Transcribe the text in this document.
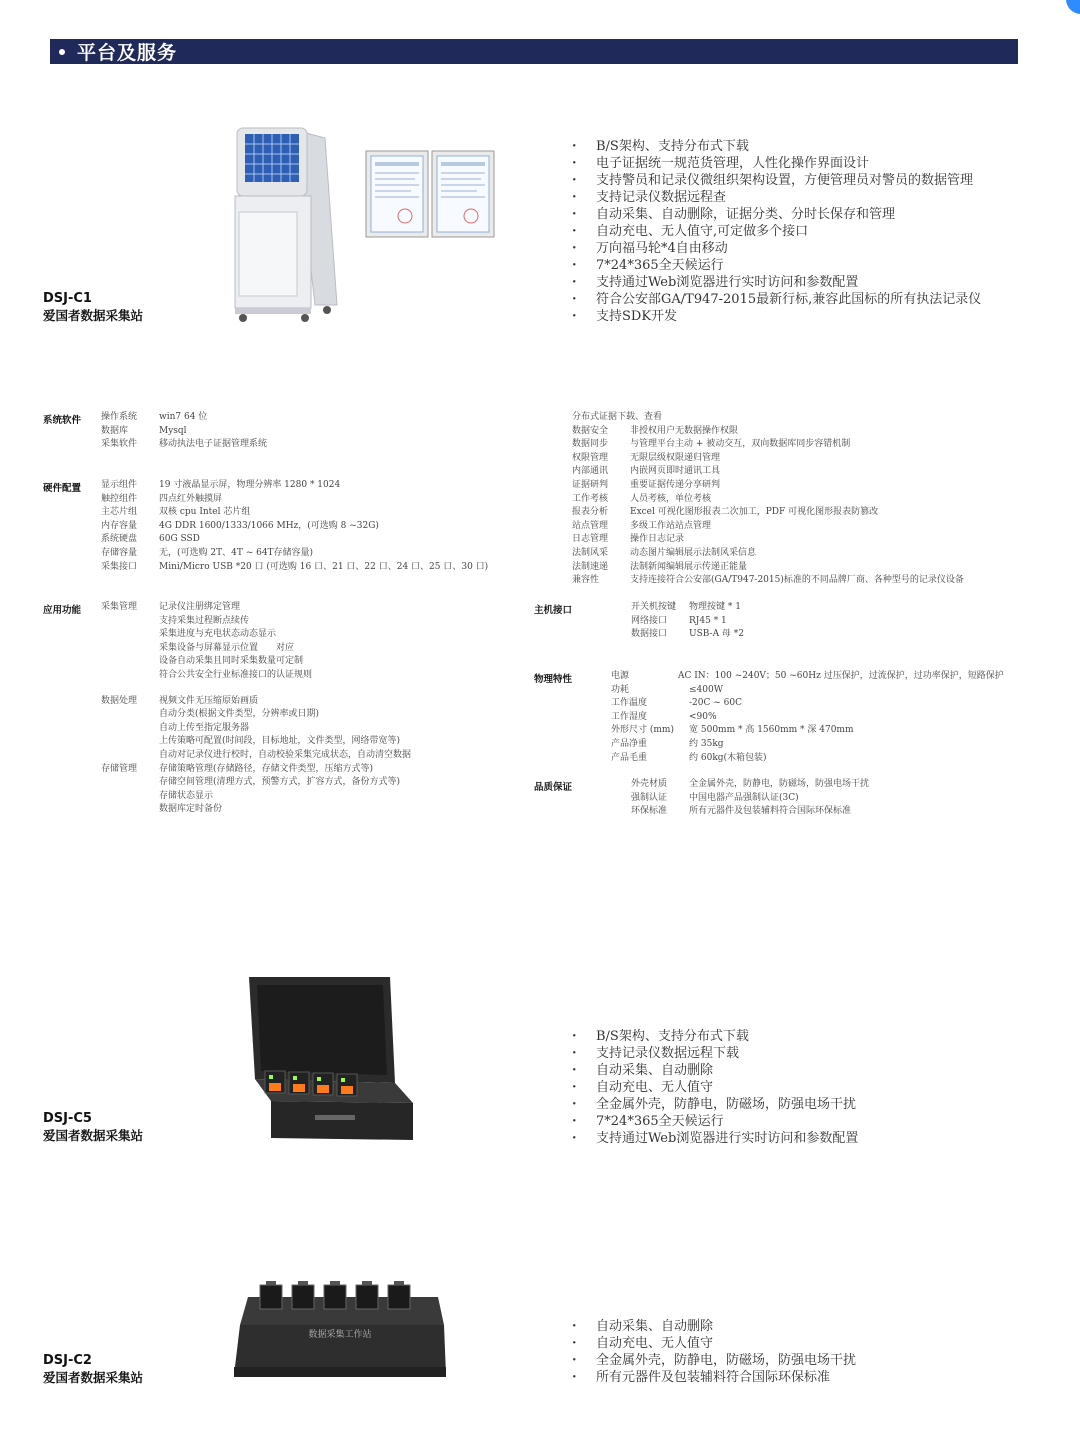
平台及服务
DSJ-C1
爱国者数据采集站
· B/S架构、支持分布式下载
· 电子证据统一规范货管理，人性化操作界面设计
· 支持警员和记录仪微组织架构设置，方便管理员对警员的数据管理
· 支持记录仪数据远程查
· 自动采集、自动删除，证据分类、分时长保存和管理
· 自动充电、无人值守,可定做多个接口
· 万向福马轮*4自由移动
· 7*24*365全天候运行
· 支持通过Web浏览器进行实时访问和参数配置
· 符合公安部GA/T947-2015最新行标,兼容此国标的所有执法记录仪
· 支持SDK开发
系统软件 操作系统	win7 64 位
数据库	Mysql
采集软件	移动执法电子证据管理系统
硬件配置 显示组件	19 寸液晶显示屏，物理分辨率 1280 * 1024
触控组件	四点红外触摸屏
主芯片组	双核 cpu Intel 芯片组
内存容量	4G DDR 1600/1333/1066 MHz，(可选购 8 ~32G)
系统硬盘	60G SSD
存储容量	无，(可选购 2T、4T ~ 64T存储容量)
采集接口	Mini/Micro USB *20 口 (可选购 16 口、21 口、22 口、24 口、25 口、30 口)
应用功能 采集管理	记录仪注册绑定管理
支持采集过程断点续传
采集进度与充电状态动态显示
采集设备与屏幕显示位置　　对应
设备自动采集且同时采集数量可定制
符合公共安全行业标准接口的认证规则
数据处理	视频文件无压缩原始画质
自动分类(根据文件类型，分辨率或日期)
自动上传至指定服务器
上传策略可配置(时间段，目标地址，文件类型，网络带宽等)
自动对记录仪进行校时，自动校验采集完成状态，自动清空数据
存储管理	存储策略管理(存储路径，存储文件类型，压缩方式等)
存储空间管理(清理方式，预警方式，扩容方式，备份方式等)
存储状态显示
数据库定时备份
分布式证据下载、查看
数据安全	非授权用户无数据操作权限
数据同步	与管理平台主动 + 被动交互，双向数据库同步容错机制
权限管理	无限层级权限递归管理
内部通讯	内嵌网页即时通讯工具
证据研判	重要证据传递分享研判
工作考核	人员考核，单位考核
报表分析	Excel 可视化图形报表二次加工，PDF 可视化图形报表防篡改
站点管理	多级工作站站点管理
日志管理	操作日志记录
法制风采	动态图片编辑展示法制风采信息
法制速递	法制新闻编辑展示传递正能量
兼容性	支持连接符合公安部(GA/T947-2015)标准的不同品牌厂商、各种型号的记录仪设备
主机接口	开关机按键	物理按键 * 1
网络接口	RJ45 * 1
数据接口	USB-A 母 *2
物理特性	电源	AC IN：100 ~240V；50 ~60Hz 过压保护，过流保护，过功率保护，短路保护
功耗	≤400W
工作温度	-20C ~ 60C
工作湿度	<90%
外形尺寸 (mm)	宽 500mm * 高 1560mm * 深 470mm
产品净重	约 35kg
产品毛重	约 60kg(木箱包装)
品质保证	外壳材质	全金属外壳，防静电，防磁场，防强电场干扰
强制认证	中国电器产品强制认证(3C)
环保标准	所有元器件及包装辅料符合国际环保标准
DSJ-C5
爱国者数据采集站
· B/S架构、支持分布式下载
· 支持记录仪数据远程下载
· 自动采集、自动删除
· 自动充电、无人值守
· 全金属外壳，防静电，防磁场，防强电场干扰
· 7*24*365全天候运行
· 支持通过Web浏览器进行实时访问和参数配置
数据采集工作站
DSJ-C2
爱国者数据采集站
· 自动采集、自动删除
· 自动充电、无人值守
· 全金属外壳，防静电，防磁场，防强电场干扰
· 所有元器件及包装辅料符合国际环保标准
